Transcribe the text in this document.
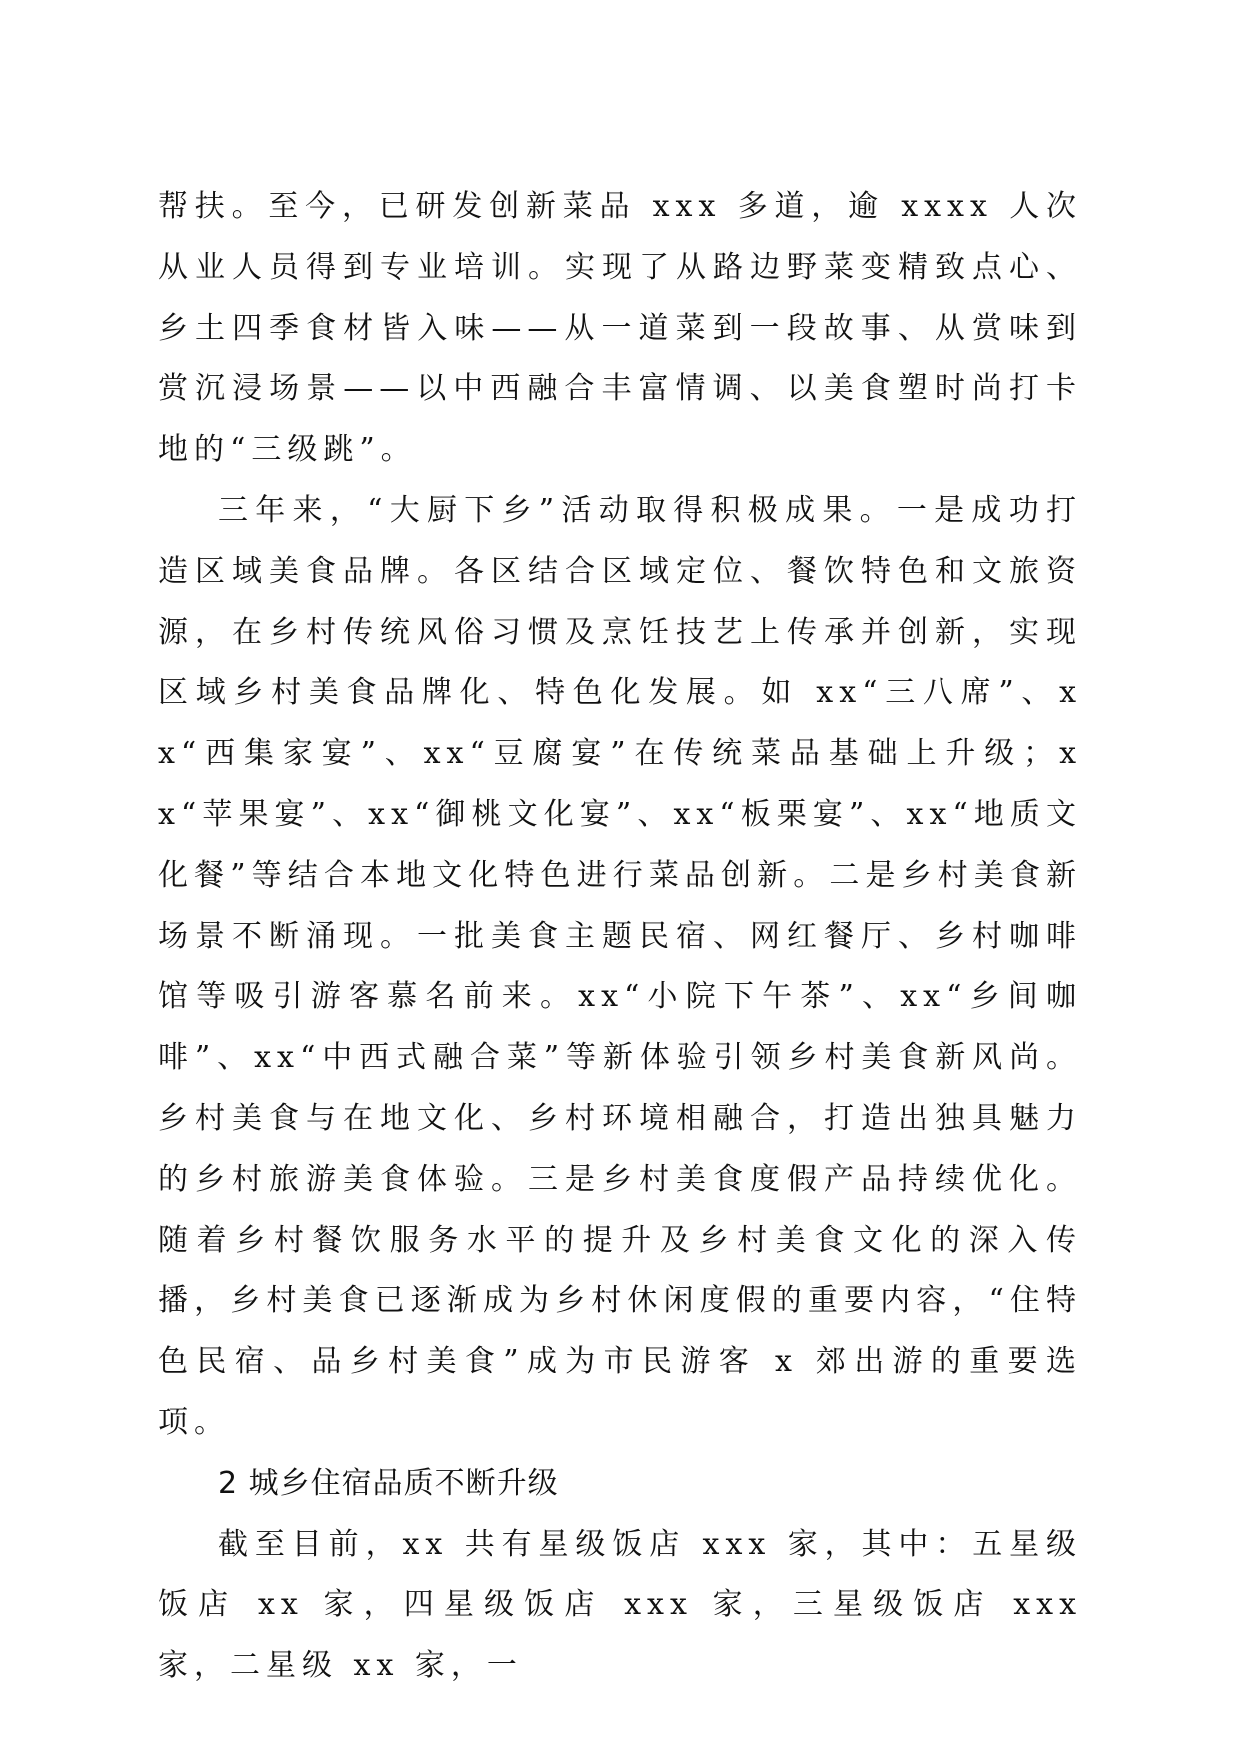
帮扶。至今，已研发创新菜品 xxx 多道，逾 xxxx 人次从业人员得到专业培训。实现了从路边野菜变精致点心、乡土四季食材皆入味——从一道菜到一段故事、从赏味到赏沉浸场景——以中西融合丰富情调、以美食塑时尚打卡地的“三级跳”。

三年来，“大厨下乡”活动取得积极成果。一是成功打造区域美食品牌。各区结合区域定位、餐饮特色和文旅资源，在乡村传统风俗习惯及烹饪技艺上传承并创新，实现区域乡村美食品牌化、特色化发展。如 xx“三八席”、xx“西集家宴”、xx“豆腐宴”在传统菜品基础上升级；xx“苹果宴”、xx“御桃文化宴”、xx“板栗宴”、xx“地质文化餐”等结合本地文化特色进行菜品创新。二是乡村美食新场景不断涌现。一批美食主题民宿、网红餐厅、乡村咖啡馆等吸引游客慕名前来。xx“小院下午茶”、xx“乡间咖啡”、xx“中西式融合菜”等新体验引领乡村美食新风尚。乡村美食与在地文化、乡村环境相融合，打造出独具魅力的乡村旅游美食体验。三是乡村美食度假产品持续优化。随着乡村餐饮服务水平的提升及乡村美食文化的深入传播，乡村美食已逐渐成为乡村休闲度假的重要内容，“住特色民宿、品乡村美食”成为市民游客 x 郊出游的重要选项。

2 城乡住宿品质不断升级

截至目前，xx 共有星级饭店 xxx 家，其中：五星级饭店 xx 家，四星级饭店 xxx 家，三星级饭店 xxx 家，二星级 xx 家，一
